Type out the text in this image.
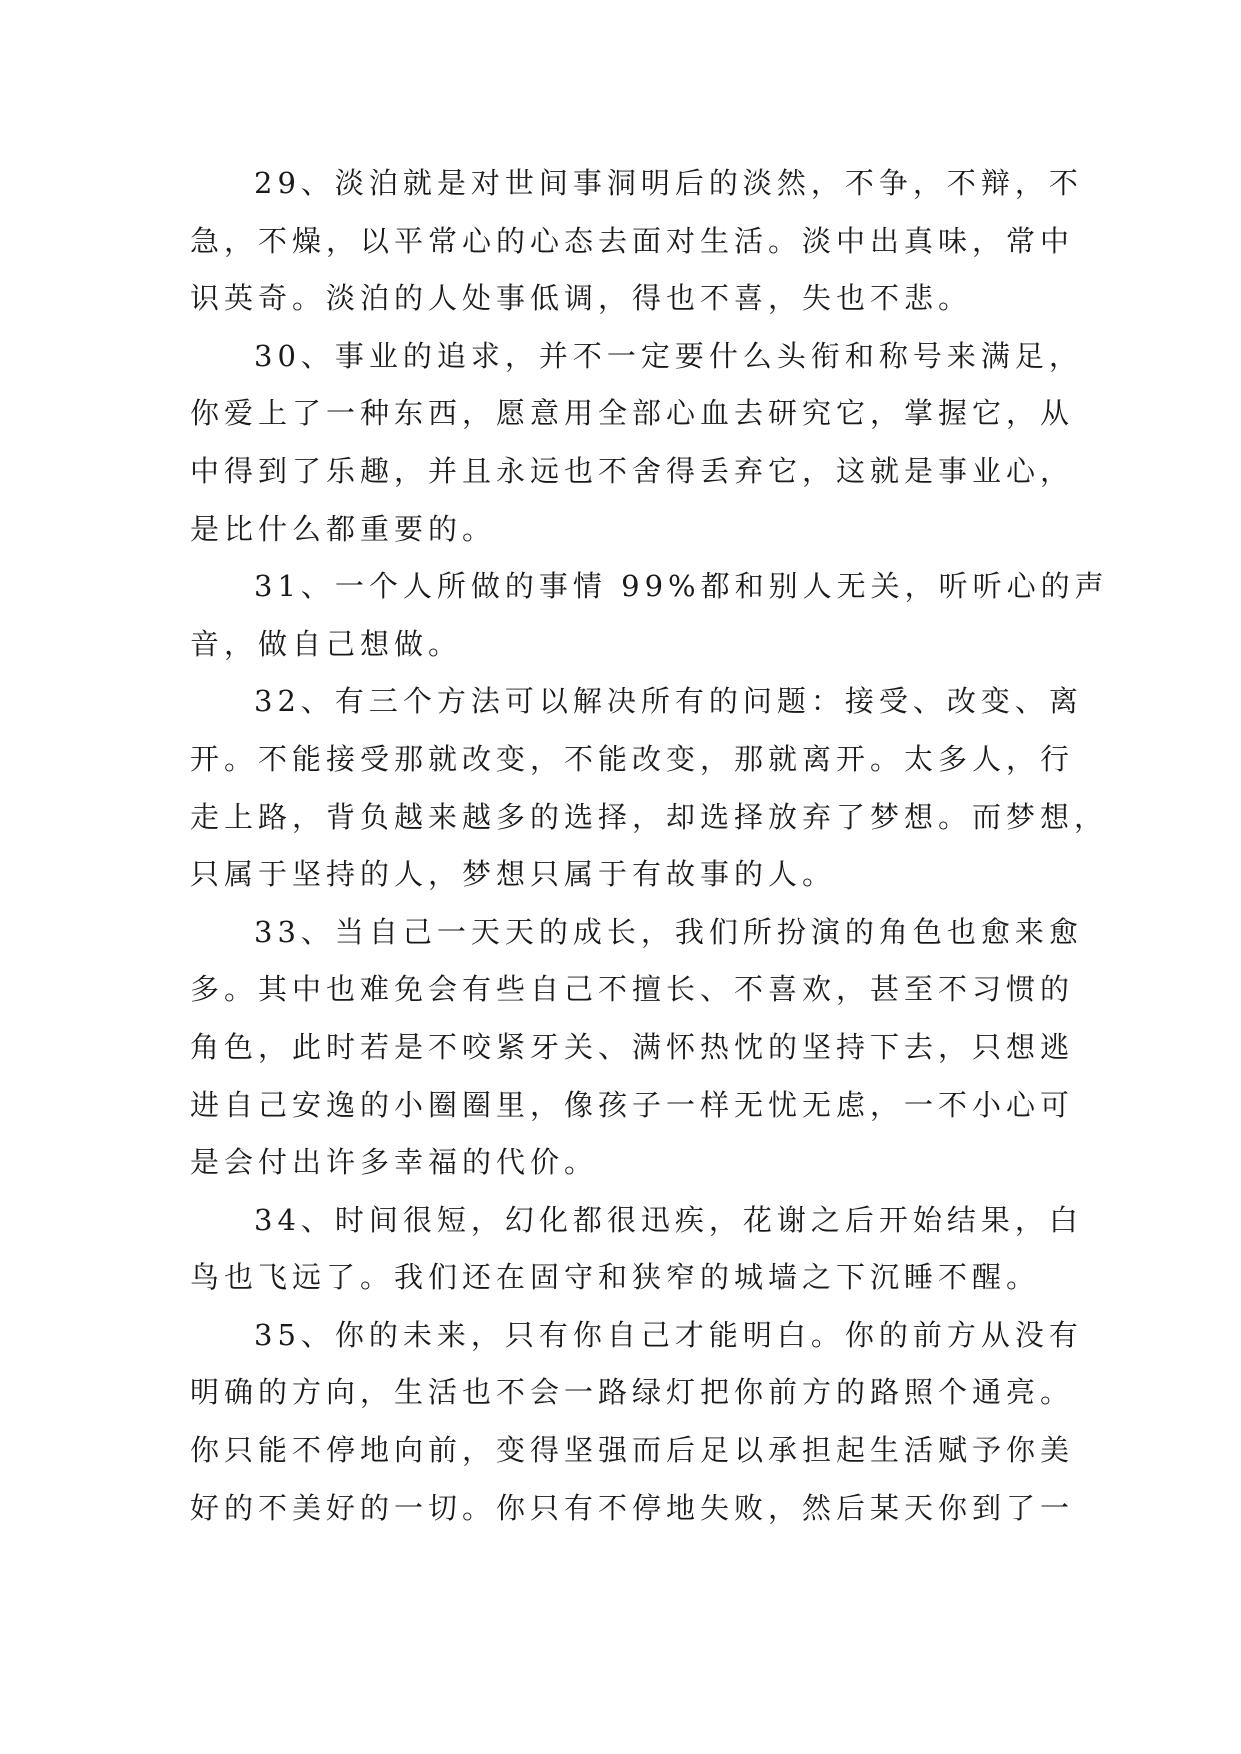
29、淡泊就是对世间事洞明后的淡然，不争，不辩，不
急，不燥，以平常心的心态去面对生活。淡中出真味，常中
识英奇。淡泊的人处事低调，得也不喜，失也不悲。

30、事业的追求，并不一定要什么头衔和称号来满足，
你爱上了一种东西，愿意用全部心血去研究它，掌握它，从
中得到了乐趣，并且永远也不舍得丢弃它，这就是事业心，
是比什么都重要的。

31、一个人所做的事情 99%都和别人无关，听听心的声
音，做自己想做。

32、有三个方法可以解决所有的问题：接受、改变、离
开。不能接受那就改变，不能改变，那就离开。太多人，行
走上路，背负越来越多的选择，却选择放弃了梦想。而梦想，
只属于坚持的人，梦想只属于有故事的人。

33、当自己一天天的成长，我们所扮演的角色也愈来愈
多。其中也难免会有些自己不擅长、不喜欢，甚至不习惯的
角色，此时若是不咬紧牙关、满怀热忱的坚持下去，只想逃
进自己安逸的小圈圈里，像孩子一样无忧无虑，一不小心可
是会付出许多幸福的代价。

34、时间很短，幻化都很迅疾，花谢之后开始结果，白
鸟也飞远了。我们还在固守和狭窄的城墙之下沉睡不醒。

35、你的未来，只有你自己才能明白。你的前方从没有
明确的方向，生活也不会一路绿灯把你前方的路照个通亮。
你只能不停地向前，变得坚强而后足以承担起生活赋予你美
好的不美好的一切。你只有不停地失败，然后某天你到了一
